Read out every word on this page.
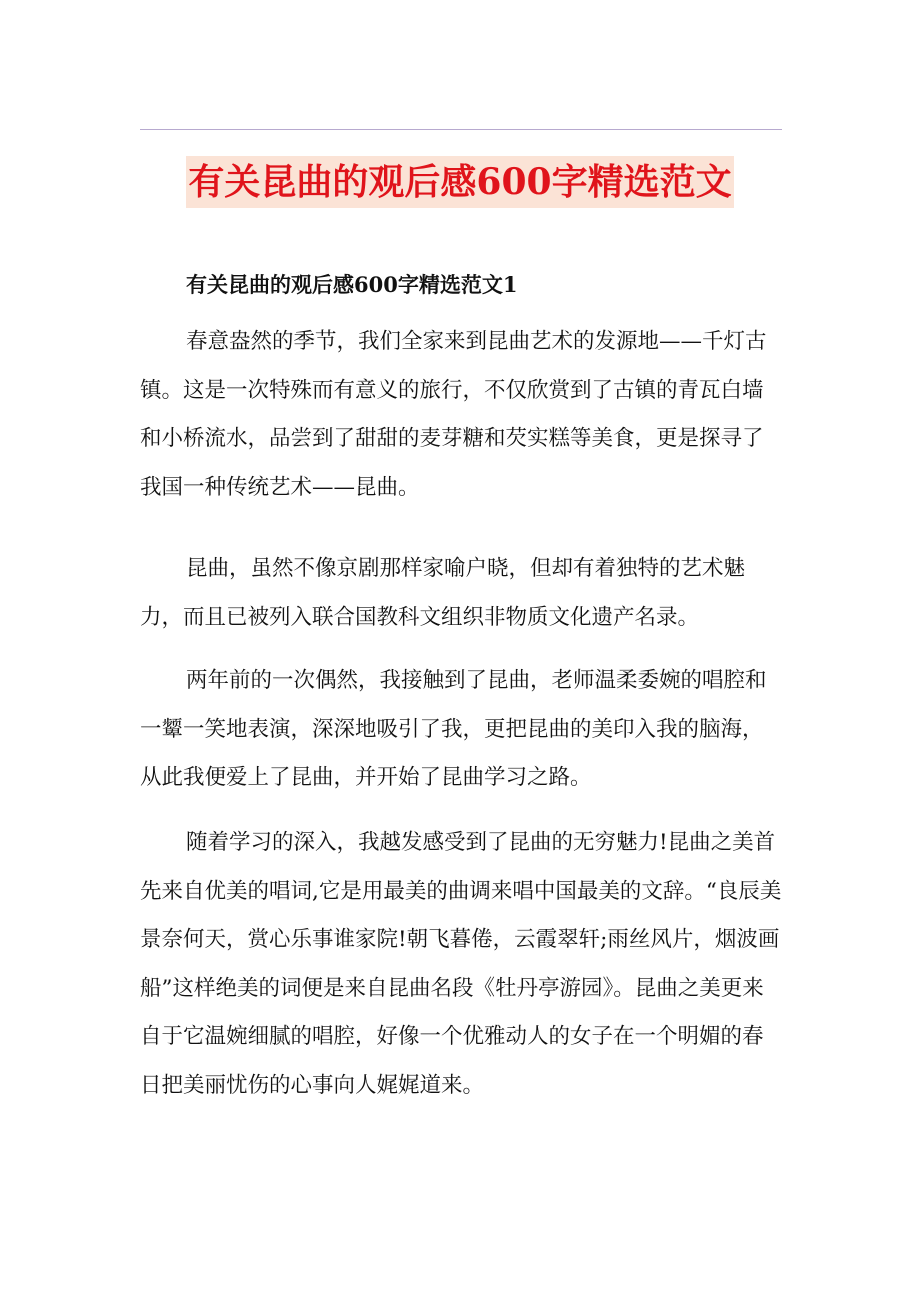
有关昆曲的观后感600字精选范文
有关昆曲的观后感600字精选范文1

春意盎然的季节，我们全家来到昆曲艺术的发源地——千灯古镇。这是一次特殊而有意义的旅行，不仅欣赏到了古镇的青瓦白墙和小桥流水，品尝到了甜甜的麦芽糖和芡实糕等美食，更是探寻了我国一种传统艺术——昆曲。

昆曲，虽然不像京剧那样家喻户晓，但却有着独特的艺术魅力，而且已被列入联合国教科文组织非物质文化遗产名录。

两年前的一次偶然，我接触到了昆曲，老师温柔委婉的唱腔和一颦一笑地表演，深深地吸引了我，更把昆曲的美印入我的脑海，从此我便爱上了昆曲，并开始了昆曲学习之路。

随着学习的深入，我越发感受到了昆曲的无穷魅力!昆曲之美首先来自优美的唱词,它是用最美的曲调来唱中国最美的文辞。“良辰美景奈何天，赏心乐事谁家院!朝飞暮倦，云霞翠轩;雨丝风片，烟波画船”这样绝美的词便是来自昆曲名段《牡丹亭游园》。昆曲之美更来自于它温婉细腻的唱腔，好像一个优雅动人的女子在一个明媚的春日把美丽忧伤的心事向人娓娓道来。
